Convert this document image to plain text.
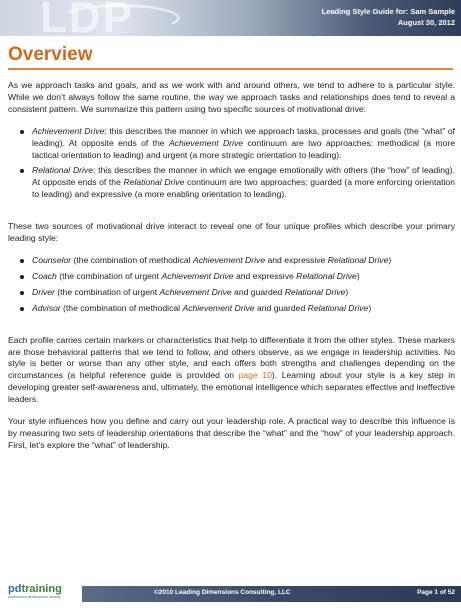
LDP	Leading Style Guide for: Sam Sample
August 30, 2012
Overview

As we approach tasks and goals, and as we work with and around others, we tend to adhere to a particular style. While we don’t always follow the same routine, the way we approach tasks and relationships does tend to reveal a consistent pattern. We summarize this pattern using two specific sources of motivational drive:

Achievement Drive: this describes the manner in which we approach tasks, processes and goals (the “what” of leading). At opposite ends of the Achievement Drive continuum are two approaches: methodical (a more tactical orientation to leading) and urgent (a more strategic orientation to leading).
Relational Drive: this describes the manner in which we engage emotionally with others (the “how” of leading). At opposite ends of the Relational Drive continuum are two approaches: guarded (a more enforcing orientation to leading) and expressive (a more enabling orientation to leading).

These two sources of motivational drive interact to reveal one of four unique profiles which describe your primary leading style:

Counselor (the combination of methodical Achievement Drive and expressive Relational Drive)
Coach (the combination of urgent Achievement Drive and expressive Relational Drive)
Driver (the combination of urgent Achievement Drive and guarded Relational Drive)
Advisor (the combination of methodical Achievement Drive and guarded Relational Drive)

Each profile carries certain markers or characteristics that help to differentiate it from the other styles. These markers are those behavioral patterns that we tend to follow, and others observe, as we engage in leadership activities. No style is better or worse than any other style, and each offers both strengths and challenges depending on the circumstances (a helpful reference guide is provided on page 10). Learning about your style is a key step in developing greater self-awareness and, ultimately, the emotional intelligence which separates effective and ineffective leaders.

Your style influences how you define and carry out your leadership role. A practical way to describe this influence is by measuring two sets of leadership orientations that describe the “what” and the “how” of your leadership approach. First, let’s explore the “what” of leadership.

pdtraining
professional development training
©2010 Leading Dimensions Consulting, LLC	Page 1 of 52
